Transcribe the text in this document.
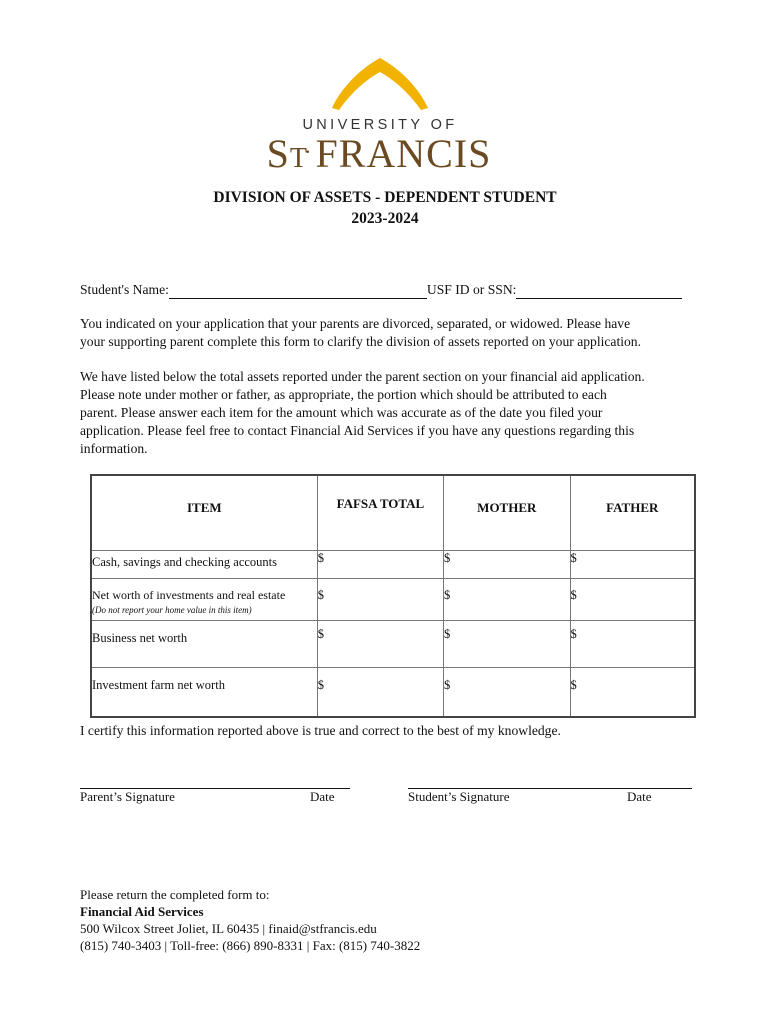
UNIVERSITY OF
ST. FRANCIS
DIVISION OF ASSETS - DEPENDENT STUDENT
2023-2024
Student's Name:	USF ID or SSN:
You indicated on your application that your parents are divorced, separated, or widowed. Please have
your supporting parent complete this form to clarify the division of assets reported on your application.
We have listed below the total assets reported under the parent section on your financial aid application.
Please note under mother or father, as appropriate, the portion which should be attributed to each
parent. Please answer each item for the amount which was accurate as of the date you filed your
application. Please feel free to contact Financial Aid Services if you have any questions regarding this
information.
ITEM	FAFSA TOTAL	MOTHER	FATHER
Cash, savings and checking accounts	$	$	$
Net worth of investments and real estate
(Do not report your home value in this item)	$	$	$
Business net worth	$	$	$
Investment farm net worth	$	$	$
I certify this information reported above is true and correct to the best of my knowledge.
Parent’s Signature	Date	Student’s Signature	Date
Please return the completed form to:
Financial Aid Services
500 Wilcox Street Joliet, IL 60435 | finaid@stfrancis.edu
(815) 740-3403 | Toll-free: (866) 890-8331 | Fax: (815) 740-3822
